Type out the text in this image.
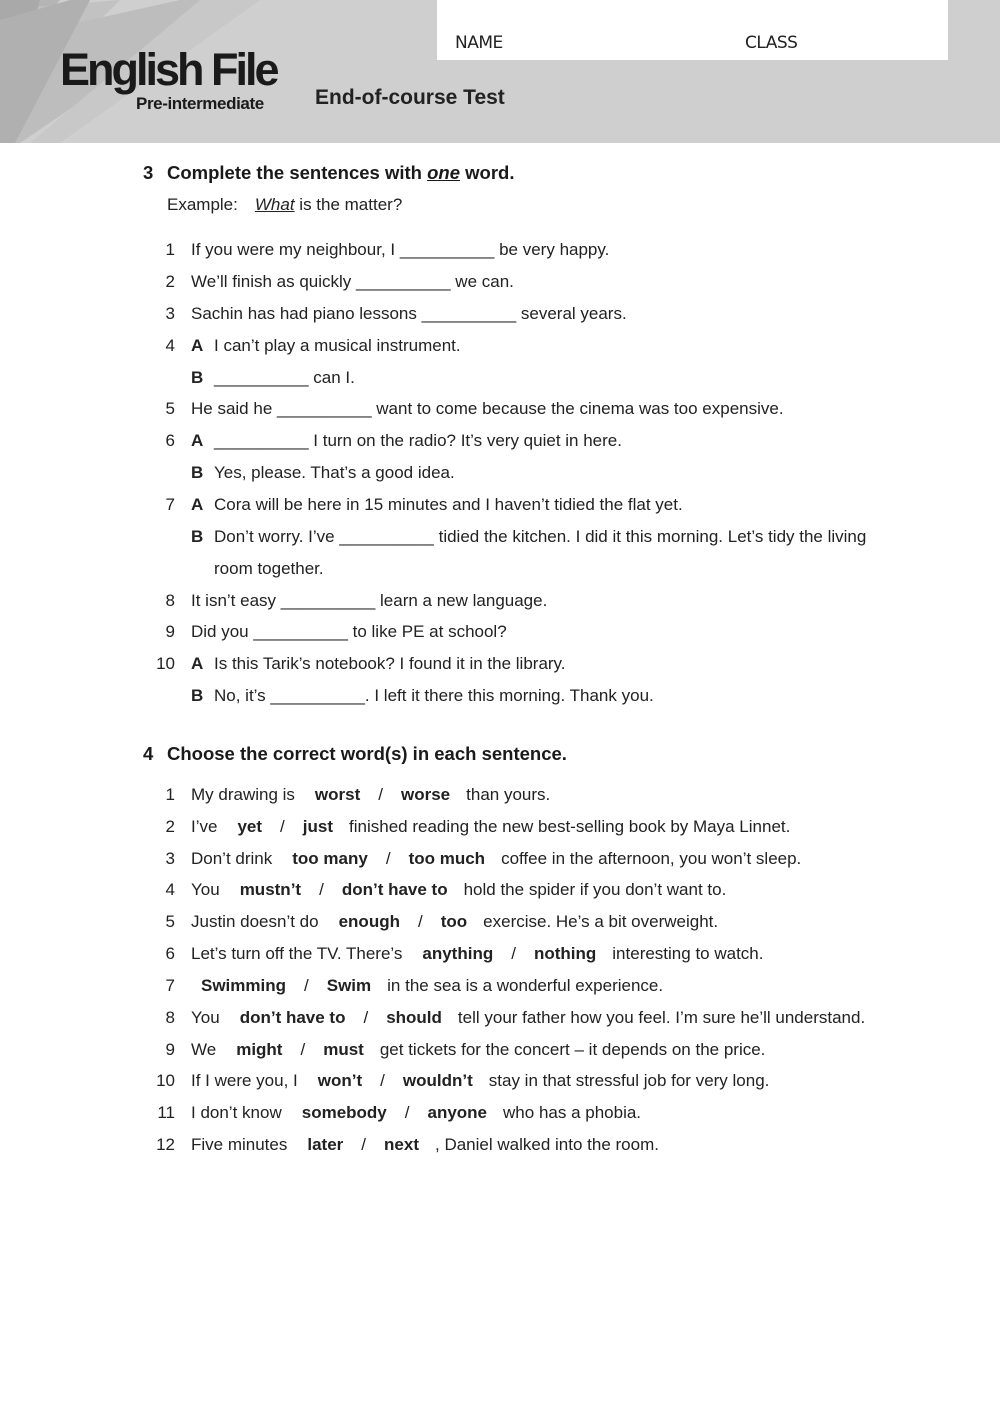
NAME	CLASS
English File
Pre-intermediate End-of-course Test
3 Complete the sentences with one word.
Example: What is the matter?
1 If you were my neighbour, I __________ be very happy.
2 We’ll finish as quickly __________ we can.
3 Sachin has had piano lessons __________ several years.
4 A I can’t play a musical instrument.
B __________ can I.
5 He said he __________ want to come because the cinema was too expensive.
6 A __________ I turn on the radio? It’s very quiet in here.
B Yes, please. That’s a good idea.
7 A Cora will be here in 15 minutes and I haven’t tidied the flat yet.
B Don’t worry. I’ve __________ tidied the kitchen. I did it this morning. Let’s tidy the living
room together.
8 It isn’t easy __________ learn a new language.
9 Did you __________ to like PE at school?
10 A Is this Tarik’s notebook? I found it in the library.
B No, it’s __________. I left it there this morning. Thank you.
4 Choose the correct word(s) in each sentence.
1 My drawing is worst / worse than yours.
2 I’ve yet / just finished reading the new best-selling book by Maya Linnet.
3 Don’t drink too many / too much coffee in the afternoon, you won’t sleep.
4 You mustn’t / don’t have to hold the spider if you don’t want to.
5 Justin doesn’t do enough / too exercise. He’s a bit overweight.
6 Let’s turn off the TV. There’s anything / nothing interesting to watch.
7 Swimming / Swim in the sea is a wonderful experience.
8 You don’t have to / should tell your father how you feel. I’m sure he’ll understand.
9 We might / must get tickets for the concert – it depends on the price.
10 If I were you, I won’t / wouldn’t stay in that stressful job for very long.
11 I don’t know somebody / anyone who has a phobia.
12 Five minutes later / next , Daniel walked into the room.
